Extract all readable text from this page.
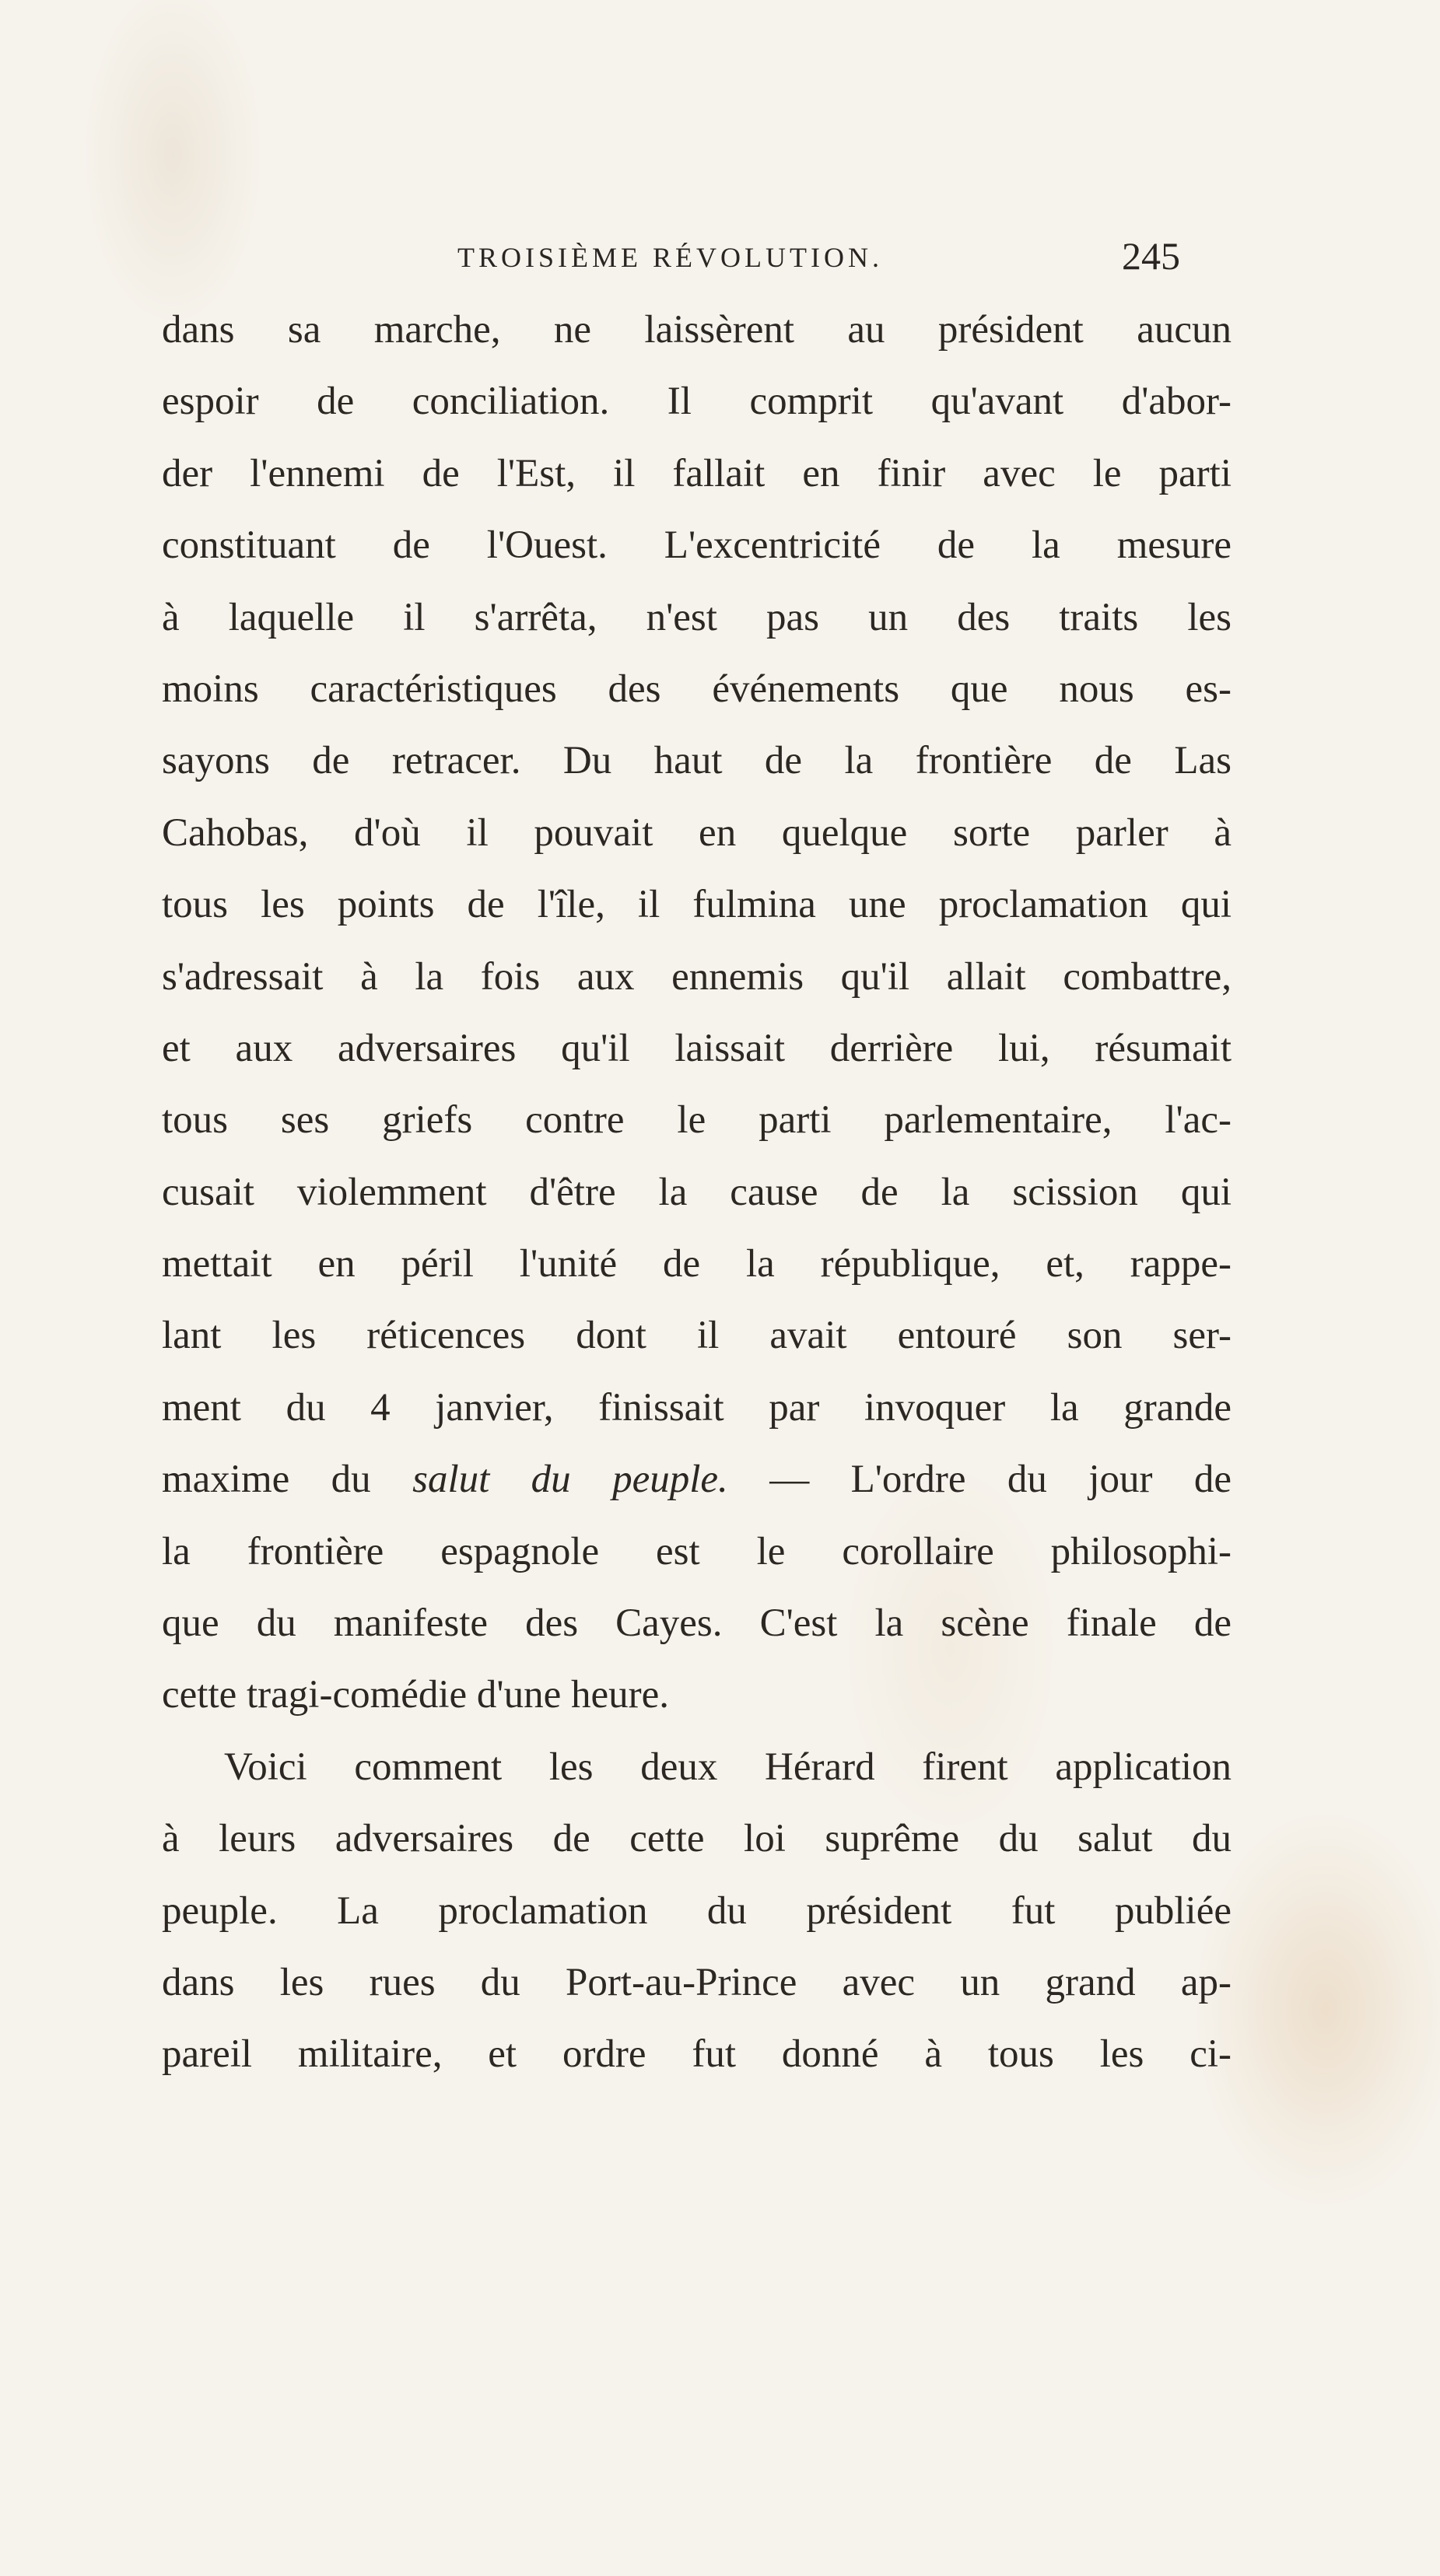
TROISIÈME RÉVOLUTION.	245
dans sa marche, ne laissèrent au président aucun
espoir de conciliation. Il comprit qu'avant d'abor-
der l'ennemi de l'Est, il fallait en finir avec le parti
constituant de l'Ouest. L'excentricité de la mesure
à laquelle il s'arrêta, n'est pas un des traits les
moins caractéristiques des événements que nous es-
sayons de retracer. Du haut de la frontière de Las
Cahobas, d'où il pouvait en quelque sorte parler à
tous les points de l'île, il fulmina une proclamation qui
s'adressait à la fois aux ennemis qu'il allait combattre,
et aux adversaires qu'il laissait derrière lui, résumait
tous ses griefs contre le parti parlementaire, l'ac-
cusait violemment d'être la cause de la scission qui
mettait en péril l'unité de la république, et, rappe-
lant les réticences dont il avait entouré son ser-
ment du 4 janvier, finissait par invoquer la grande
maxime du salut du peuple. — L'ordre du jour de
la frontière espagnole est le corollaire philosophi-
que du manifeste des Cayes. C'est la scène finale de
cette tragi-comédie d'une heure.
Voici comment les deux Hérard firent application
à leurs adversaires de cette loi suprême du salut du
peuple. La proclamation du président fut publiée
dans les rues du Port-au-Prince avec un grand ap-
pareil militaire, et ordre fut donné à tous les ci-
